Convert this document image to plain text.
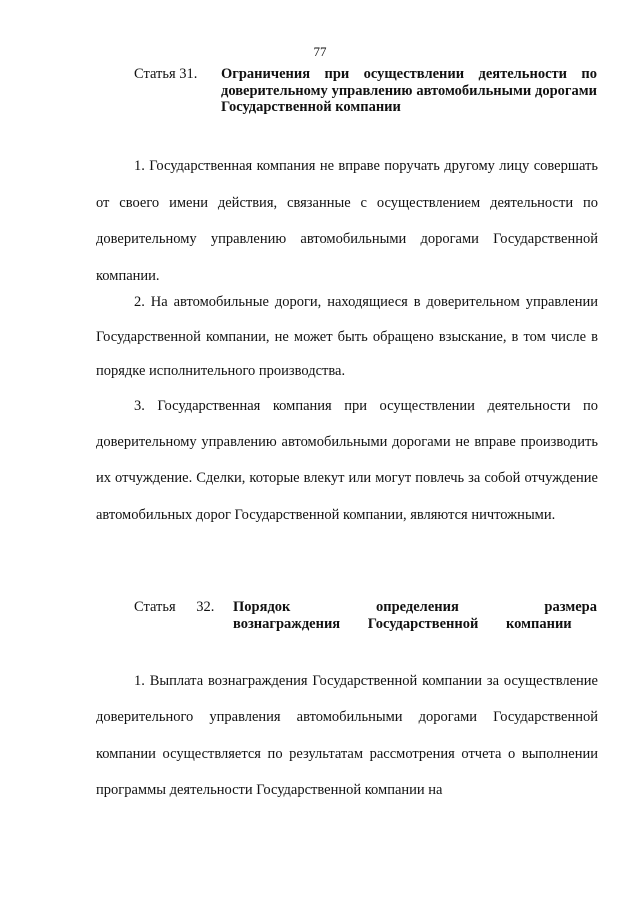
77
Статья 31.	Ограничения при осуществлении деятельности по доверительному управлению автомобильными дорогами Государственной компании

1. Государственная компания не вправе поручать другому лицу совершать от своего имени действия, связанные с осуществлением деятельности по доверительному управлению автомобильными дорогами Государственной компании.

2. На автомобильные дороги, находящиеся в доверительном управлении Государственной компании, не может быть обращено взыскание, в том числе в порядке исполнительного производства.

3. Государственная компания при осуществлении деятельности по доверительному управлению автомобильными дорогами не вправе производить их отчуждение. Сделки, которые влекут или могут повлечь за собой отчуждение автомобильных дорог Государственной компании, являются ничтожными.

Статья 32.	Порядок определения размера вознаграждения Государственной компании

1. Выплата вознаграждения Государственной компании за осуществление доверительного управления автомобильными дорогами Государственной компании осуществляется по результатам рассмотрения отчета о выполнении программы деятельности Государственной компании на
